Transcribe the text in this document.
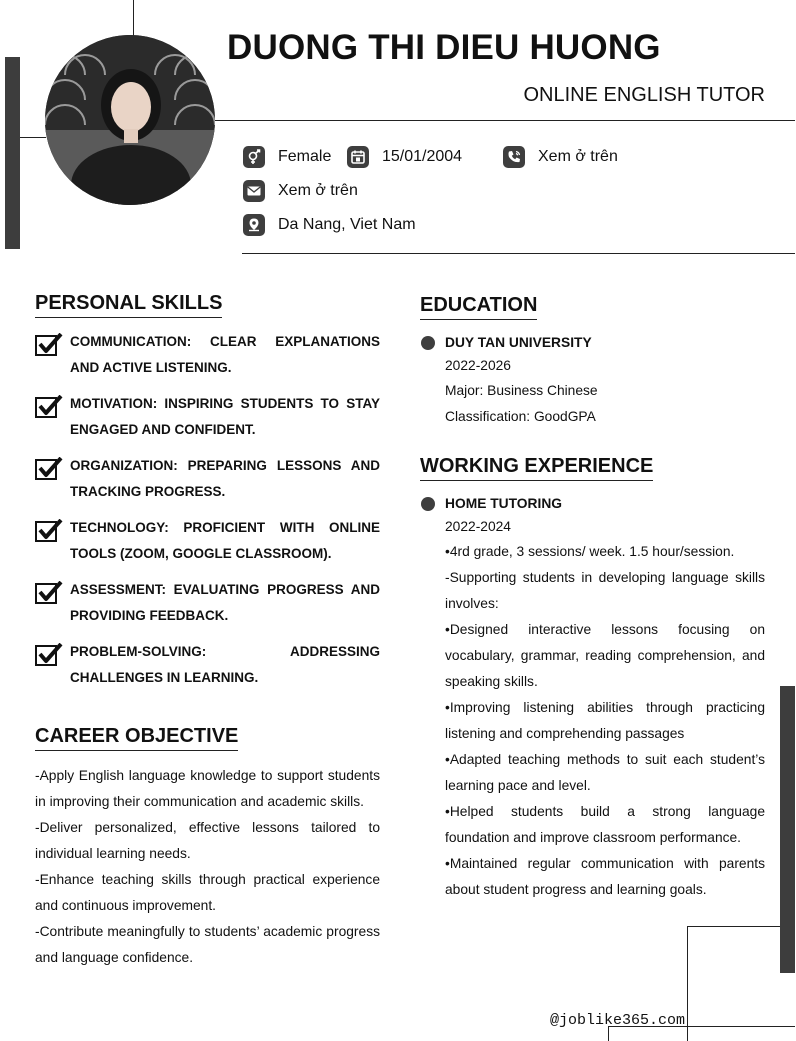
DUONG THI DIEU HUONG
ONLINE ENGLISH TUTOR
Female	15/01/2004	Xem ở trên
Xem ở trên
Da Nang, Viet Nam
PERSONAL SKILLS
COMMUNICATION: CLEAR EXPLANATIONS AND ACTIVE LISTENING.
MOTIVATION: INSPIRING STUDENTS TO STAY ENGAGED AND CONFIDENT.
ORGANIZATION: PREPARING LESSONS AND TRACKING PROGRESS.
TECHNOLOGY: PROFICIENT WITH ONLINE TOOLS (ZOOM, GOOGLE CLASSROOM).
ASSESSMENT: EVALUATING PROGRESS AND PROVIDING FEEDBACK.
PROBLEM-SOLVING: ADDRESSING CHALLENGES IN LEARNING.
CAREER OBJECTIVE

-Apply English language knowledge to support students in improving their communication and academic skills.

-Deliver personalized, effective lessons tailored to individual learning needs.

-Enhance teaching skills through practical experience and continuous improvement.

-Contribute meaningfully to students’ academic progress and language confidence.

EDUCATION
DUY TAN UNIVERSITY
2022-2026
Major: Business Chinese
Classification: GoodGPA
WORKING EXPERIENCE
HOME TUTORING
2022-2024

•4rd grade, 3 sessions/ week. 1.5 hour/session.

-Supporting students in developing language skills involves:

•Designed interactive lessons focusing on vocabulary, grammar, reading comprehension, and speaking skills.

•Improving listening abilities through practicing listening and comprehending passages

•Adapted teaching methods to suit each student’s learning pace and level.

•Helped students build a strong language foundation and improve classroom performance.

•Maintained regular communication with parents about student progress and learning goals.

@joblike365.com
